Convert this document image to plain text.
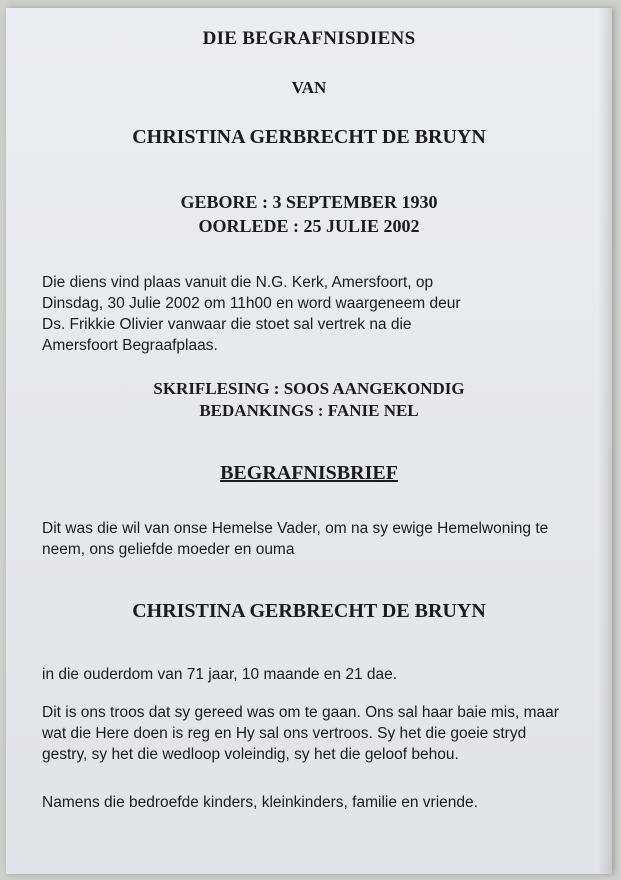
DIE BEGRAFNISDIENS
VAN
CHRISTINA GERBRECHT DE BRUYN
GEBORE : 3 SEPTEMBER 1930
OORLEDE : 25 JULIE 2002
Die diens vind plaas vanuit die N.G. Kerk, Amersfoort, op
Dinsdag, 30 Julie 2002 om 11h00 en word waargeneem deur
Ds. Frikkie Olivier vanwaar die stoet sal vertrek na die
Amersfoort Begraafplaas.
SKRIFLESING : SOOS AANGEKONDIG
BEDANKINGS : FANIE NEL
BEGRAFNISBRIEF
Dit was die wil van onse Hemelse Vader, om na sy ewige Hemelwoning te
neem, ons geliefde moeder en ouma
CHRISTINA GERBRECHT DE BRUYN
in die ouderdom van 71 jaar, 10 maande en 21 dae.
Dit is ons troos dat sy gereed was om te gaan. Ons sal haar baie mis, maar
wat die Here doen is reg en Hy sal ons vertroos. Sy het die goeie stryd
gestry, sy het die wedloop voleindig, sy het die geloof behou.
Namens die bedroefde kinders, kleinkinders, familie en vriende.
